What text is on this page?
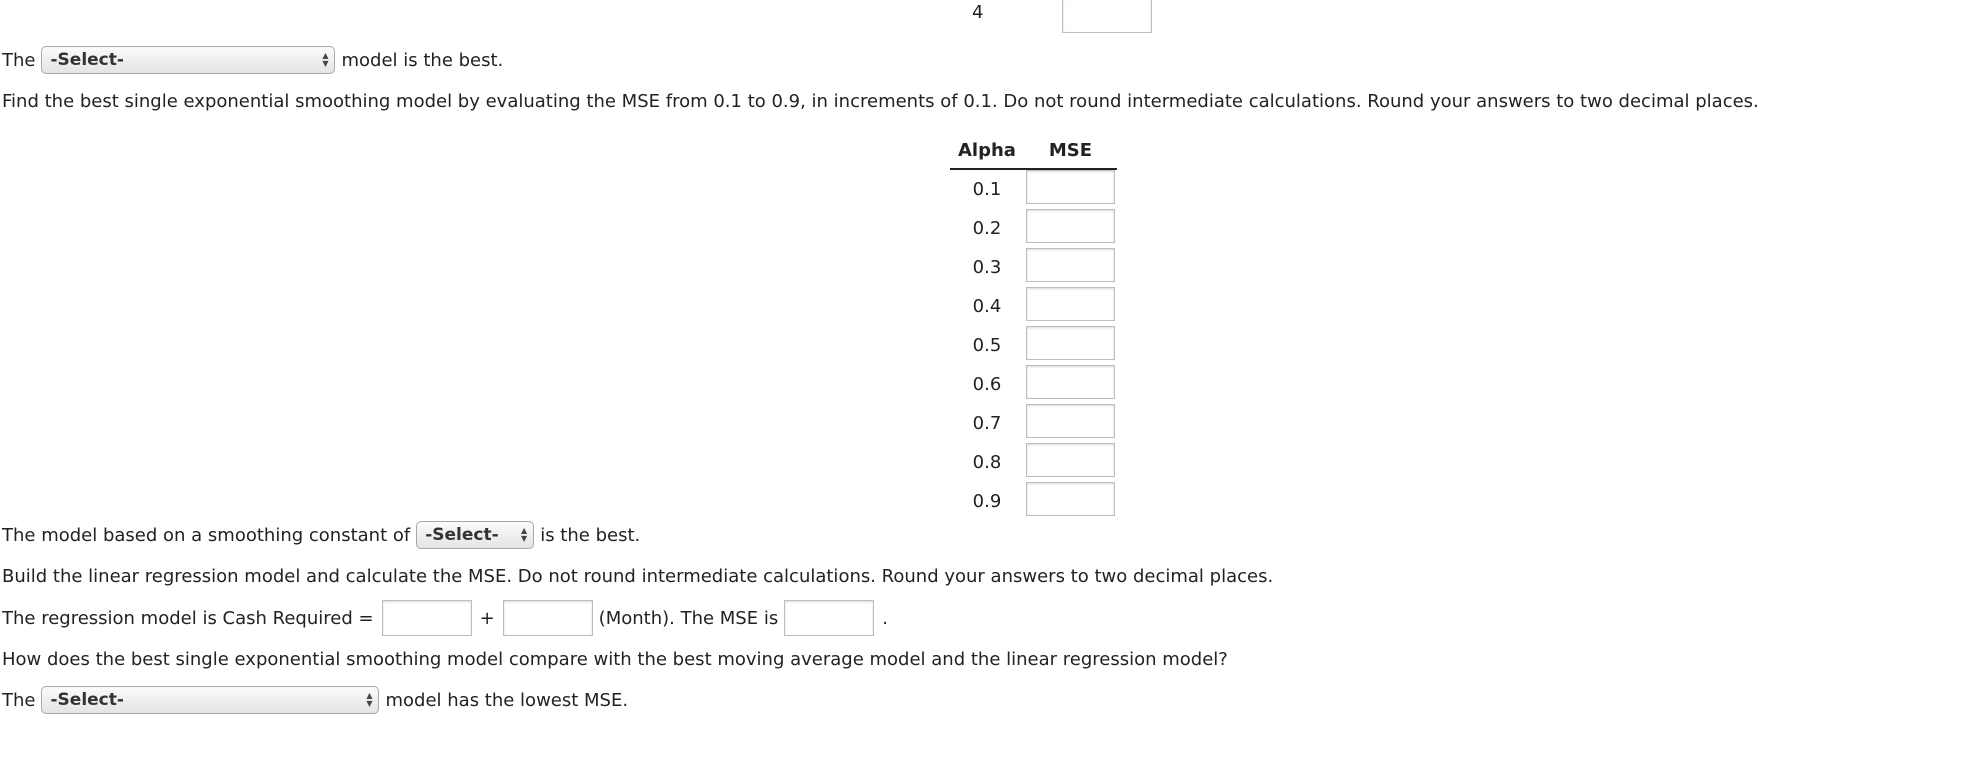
4
The -Select-	▲
▼ model is the best.
Find the best single exponential smoothing model by evaluating the MSE from 0.1 to 0.9, in increments of 0.1. Do not round intermediate calculations. Round your answers to two decimal places.
Alpha	MSE
0.1	
0.2	
0.3	
0.4	
0.5	
0.6	
0.7	
0.8	
0.9	
The model based on a smoothing constant of -Select-	▲
▼ is the best.
Build the linear regression model and calculate the MSE. Do not round intermediate calculations. Round your answers to two decimal places.
The regression model is Cash Required =	+	(Month). The MSE is	.
How does the best single exponential smoothing model compare with the best moving average model and the linear regression model?
The -Select-	▲
▼ model has the lowest MSE.
